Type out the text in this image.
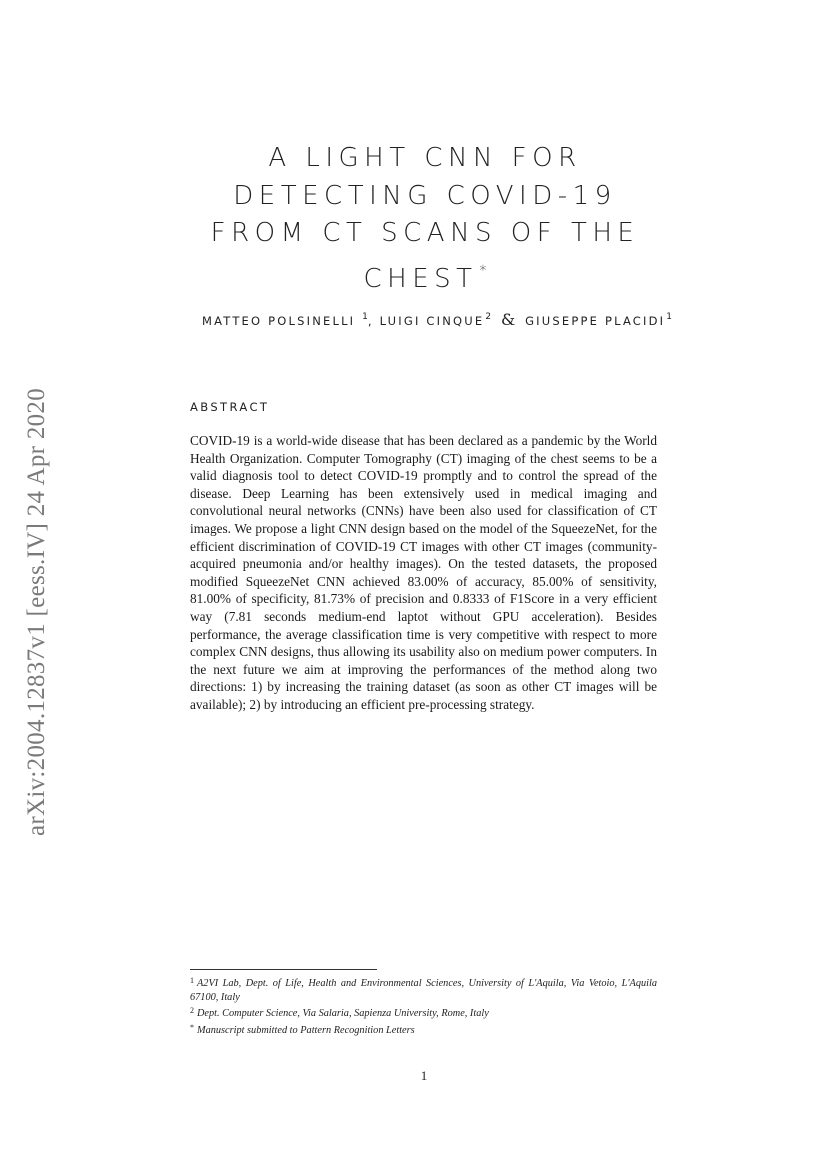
arXiv:2004.12837v1 [eess.IV] 24 Apr 2020
A LIGHT CNN FOR
DETECTING COVID-19
FROM CT SCANS OF THE
CHEST *
MATTEO POLSINELLI $^1$, LUIGI CINQUE$^2$ & GIUSEPPE PLACIDI$^1$
ABSTRACT

COVID-19 is a world-wide disease that has been declared as a pandemic by the World Health Organization. Computer Tomography (CT) imaging of the chest seems to be a valid diagnosis tool to detect COVID-19 promptly and to control the spread of the disease. Deep Learning has been extensively used in medical imaging and convolutional neural networks (CNNs) have been also used for classification of CT images. We propose a light CNN design based on the model of the SqueezeNet, for the efficient discrimination of COVID-19 CT images with other CT images (community-acquired pneumonia and/or healthy images). On the tested datasets, the proposed modified SqueezeNet CNN achieved 83.00% of accuracy, 85.00% of sensitivity, 81.00% of specificity, 81.73% of precision and 0.8333 of F1Score in a very efficient way (7.81 seconds medium-end laptot without GPU acceleration). Besides performance, the average classification time is very competitive with respect to more complex CNN designs, thus allowing its usability also on medium power computers. In the next future we aim at improving the performances of the method along two directions: 1) by increasing the training dataset (as soon as other CT images will be available); 2) by introducing an efficient pre-processing strategy.

$^1$ A2VI Lab, Dept. of Life, Health and Environmental Sciences, University of L'Aquila, Via Vetoio, L'Aquila 67100, Italy
$^2$ Dept. Computer Science, Via Salaria, Sapienza University, Rome, Italy
* Manuscript submitted to Pattern Recognition Letters
1
